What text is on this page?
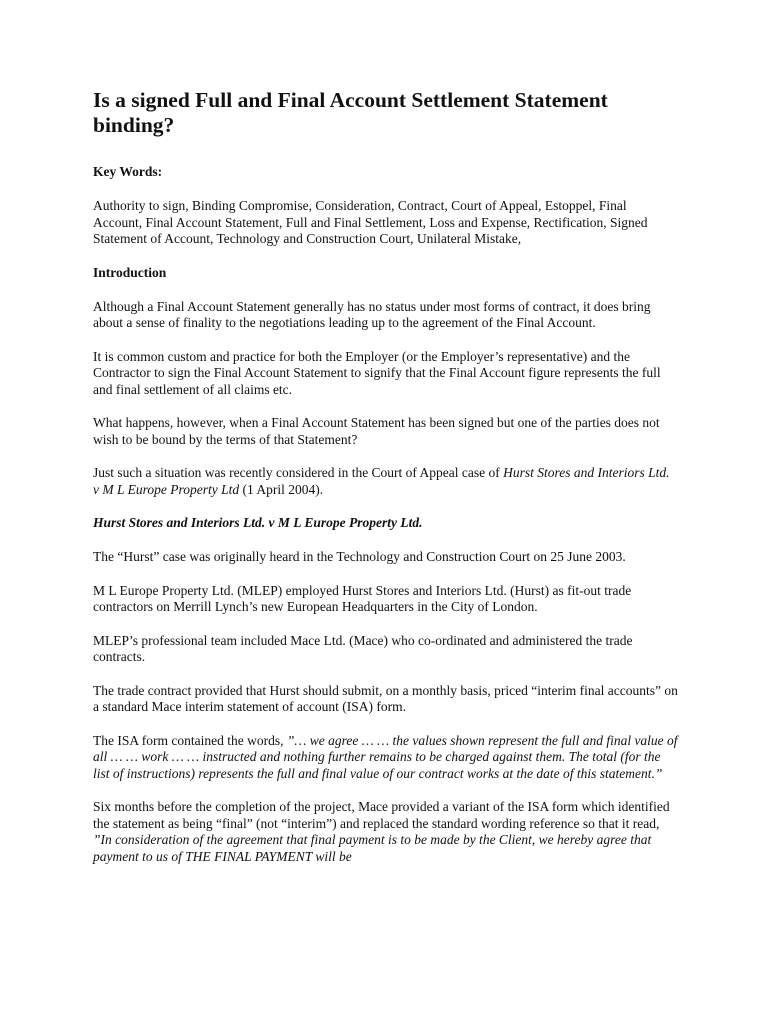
Is a signed Full and Final Account Settlement Statement binding?
Key Words:

Authority to sign, Binding Compromise, Consideration, Contract, Court of Appeal, Estoppel, Final Account, Final Account Statement, Full and Final Settlement, Loss and Expense, Rectification, Signed Statement of Account, Technology and Construction Court, Unilateral Mistake,

Introduction

Although a Final Account Statement generally has no status under most forms of contract, it does bring about a sense of finality to the negotiations leading up to the agreement of the Final Account.

It is common custom and practice for both the Employer (or the Employer’s representative) and the Contractor to sign the Final Account Statement to signify that the Final Account figure represents the full and final settlement of all claims etc.

What happens, however, when a Final Account Statement has been signed but one of the parties does not wish to be bound by the terms of that Statement?

Just such a situation was recently considered in the Court of Appeal case of Hurst Stores and Interiors Ltd. v M L Europe Property Ltd (1 April 2004).

Hurst Stores and Interiors Ltd. v M L Europe Property Ltd.

The “Hurst” case was originally heard in the Technology and Construction Court on 25 June 2003.

M L Europe Property Ltd. (MLEP) employed Hurst Stores and Interiors Ltd. (Hurst) as fit-out trade contractors on Merrill Lynch’s new European Headquarters in the City of London.

MLEP’s professional team included Mace Ltd. (Mace) who co-ordinated and administered the trade contracts.

The trade contract provided that Hurst should submit, on a monthly basis, priced “interim final accounts” on a standard Mace interim statement of account (ISA) form.

The ISA form contained the words, ”… we agree … … the values shown represent the full and final value of all … … work … … instructed and nothing further remains to be charged against them. The total (for the list of instructions) represents the full and final value of our contract works at the date of this statement.”

Six months before the completion of the project, Mace provided a variant of the ISA form which identified the statement as being “final” (not “interim”) and replaced the standard wording reference so that it read, ”In consideration of the agreement that final payment is to be made by the Client, we hereby agree that payment to us of THE FINAL PAYMENT will be
